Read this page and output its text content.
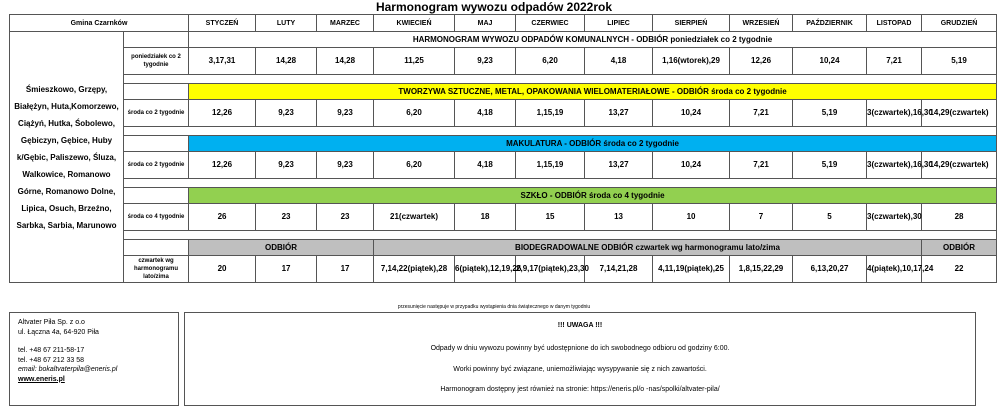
Harmonogram wywozu odpadów 2022rok
Gmina Czarnków		STYCZEŃ	LUTY	MARZEC	KWIECIEŃ	MAJ	CZERWIEC	LIPIEC	SIERPIEŃ	WRZESIEŃ	PAŹDZIERNIK	LISTOPAD	GRUDZIEŃ
Śmieszkowo, Grzępy, Białężyn, Huta,Komorzewo, Ciążyń, Hutka, Śobolewo, Gębiczyn, Gębice, Huby k/Gębic, Paliszewo, Śluza, Walkowice, Romanowo Górne, Romanowo Dolne, Lipica, Osuch, Brzeźno, Sarbka, Sarbia, Marunowo		HARMONOGRAM WYWOZU ODPADÓW KOMUNALNYCH - ODBIÓR poniedziałek co 2 tygodnie											
	poniedziałek co 2 tygodnie	3,17,31	14,28	14,28	11,25	9,23	6,20	4,18	1,16(wtorek),29	12,26	10,24	7,21	5,19

		TWORZYWA SZTUCZNE, METAL, OPAKOWANIA WIELOMATERIAŁOWE - ODBIÓR środa co 2 tygodnie											
	środa co 2 tygodnie	12,26	9,23	9,23	6,20	4,18	1,15,19	13,27	10,24	7,21	5,19	3(czwartek),16,30	14,29(czwartek)

		MAKULATURA - ODBIÓR środa co 2 tygodnie											
	środa co 2 tygodnie	12,26	9,23	9,23	6,20	4,18	1,15,19	13,27	10,24	7,21	5,19	3(czwartek),16,30	14,29(czwartek)

		SZKŁO - ODBIÓR środa co 4 tygodnie											
	środa co 4 tygodnie	26	23	23	21(czwartek)	18	15	13	10	7	5	3(czwartek),30	28

		ODBIÓR			BIODEGRADOWALNE ODBIÓR czwartek wg harmonogramu lato/zima								ODBIÓR
	czwartek wg harmonogramu lato/zima	20	17	17	7,14,22(piątek),28	6(piątek),12,19,26	2,9,17(piątek),23,30	7,14,21,28	4,11,19(piątek),25	1,8,15,22,29	6,13,20,27	4(piątek),10,17,24	22
przesunięcie następuje w przypadku wystąpienia dnia świątecznego w danym tygodniu
Altvater Piła Sp. z o.o
ul. Łączna 4a, 64-920 Piła
tel. +48 67 211-58-17
tel. +48 67 212 33 58
email: bokaltvaterpila@eneris.pl
www.eneris.pl
!!! UWAGA !!!
Odpady w dniu wywozu powinny być udostępnione do ich swobodnego odbioru od godziny 6:00.
Worki powinny być związane, uniemożliwiając wysypywanie się z nich zawartości.
Harmonogram dostępny jest również na stronie: https://eneris.pl/o -nas/spolki/altvater-pila/
